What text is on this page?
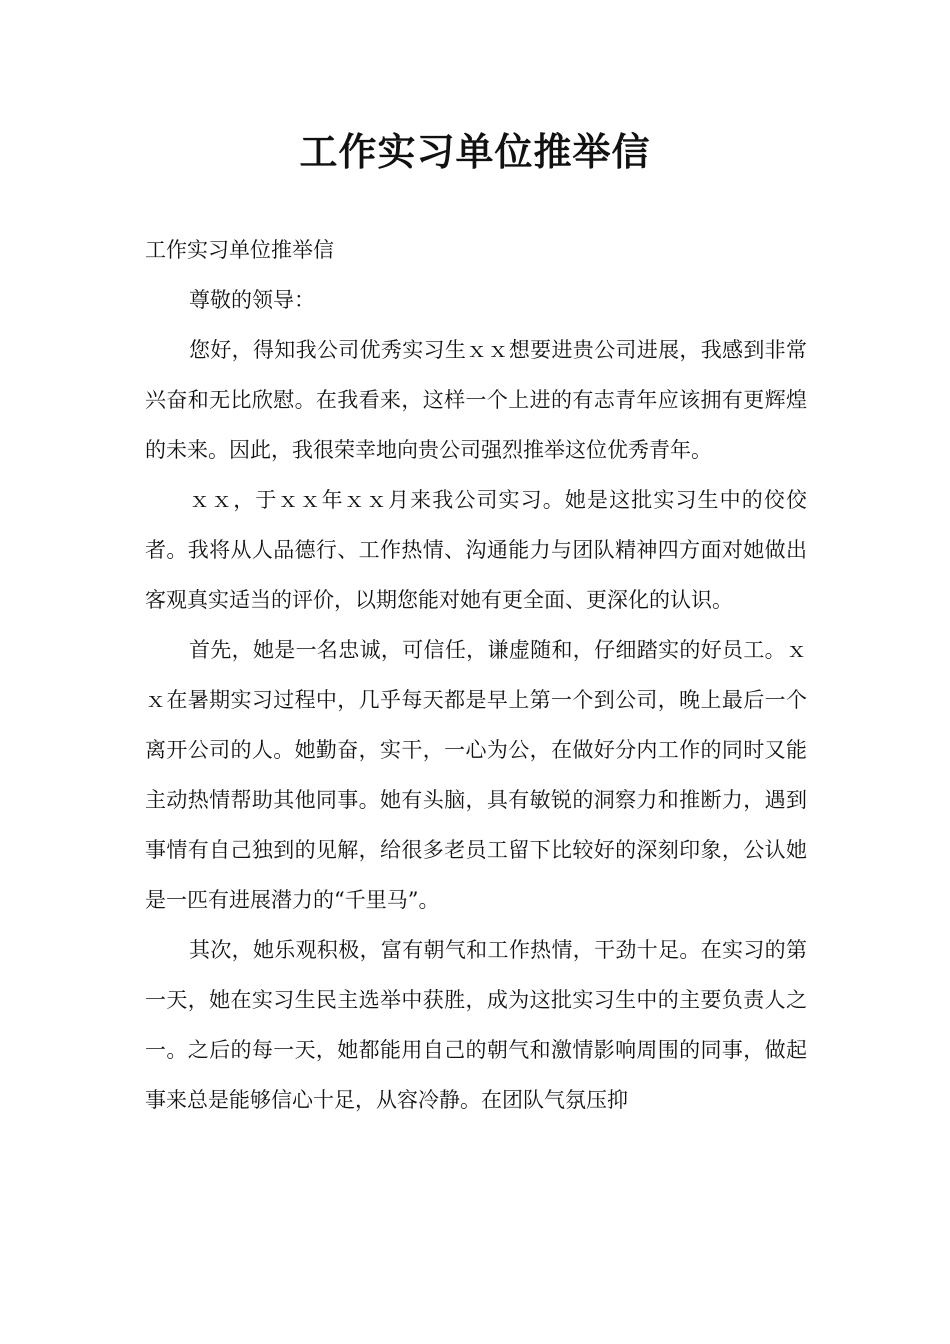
工作实习单位推举信

工作实习单位推举信

尊敬的领导：

您好，得知我公司优秀实习生ｘｘ想要进贵公司进展，我感到非常兴奋和无比欣慰。在我看来，这样一个上进的有志青年应该拥有更辉煌的未来。因此，我很荣幸地向贵公司强烈推举这位优秀青年。

ｘｘ，于ｘｘ年ｘｘ月来我公司实习。她是这批实习生中的佼佼者。我将从人品德行、工作热情、沟通能力与团队精神四方面对她做出客观真实适当的评价，以期您能对她有更全面、更深化的认识。

首先，她是一名忠诚，可信任，谦虚随和，仔细踏实的好员工。ｘｘ在暑期实习过程中，几乎每天都是早上第一个到公司，晚上最后一个离开公司的人。她勤奋，实干，一心为公，在做好分内工作的同时又能主动热情帮助其他同事。她有头脑，具有敏锐的洞察力和推断力，遇到事情有自己独到的见解，给很多老员工留下比较好的深刻印象，公认她是一匹有进展潜力的“千里马”。

其次，她乐观积极，富有朝气和工作热情，干劲十足。在实习的第一天，她在实习生民主选举中获胜，成为这批实习生中的主要负责人之一。之后的每一天，她都能用自己的朝气和激情影响周围的同事，做起事来总是能够信心十足，从容冷静。在团队气氛压抑
